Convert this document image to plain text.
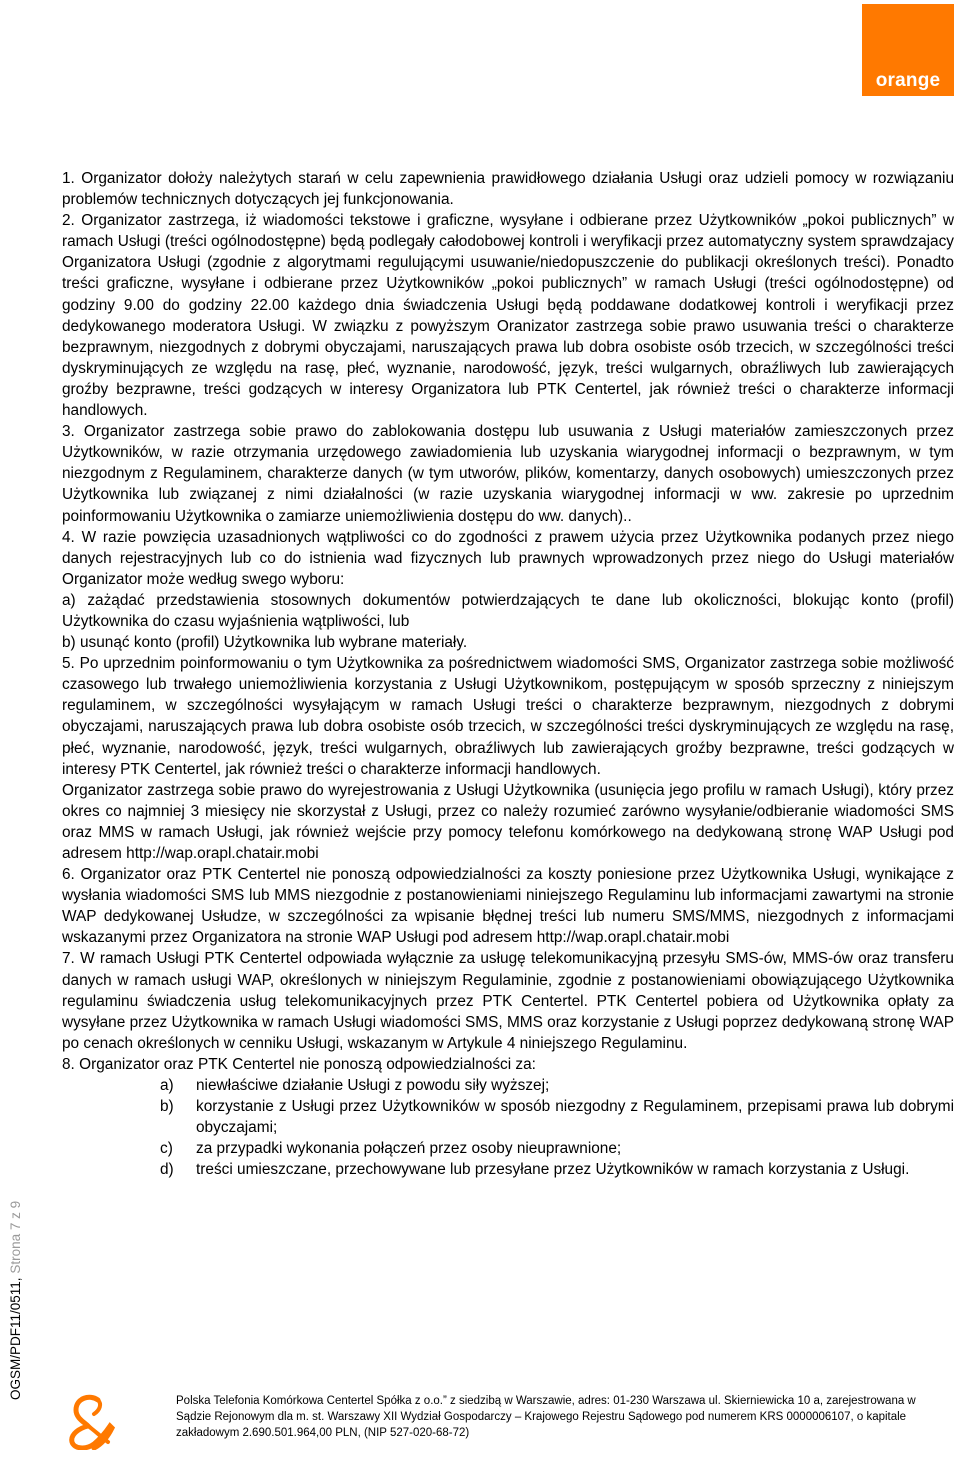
orange

1. Organizator dołoży należytych starań w celu zapewnienia prawidłowego działania Usługi oraz udzieli pomocy w rozwiązaniu problemów technicznych dotyczących jej funkcjonowania.

2. Organizator zastrzega, iż wiadomości tekstowe i graficzne, wysyłane i odbierane przez Użytkowników „pokoi publicznych” w ramach Usługi (treści ogólnodostępne) będą podlegały całodobowej kontroli i weryfikacji przez automatyczny system sprawdzajacy Organizatora Usługi (zgodnie z algorytmami regulującymi usuwanie/niedopuszczenie do publikacji określonych treści). Ponadto treści graficzne, wysyłane i odbierane przez Użytkowników „pokoi publicznych” w ramach Usługi (treści ogólnodostępne) od godziny 9.00 do godziny 22.00 każdego dnia świadczenia Usługi będą poddawane dodatkowej kontroli i weryfikacji przez dedykowanego moderatora Usługi. W związku z powyższym Oranizator zastrzega sobie prawo usuwania treści o charakterze bezprawnym, niezgodnych z dobrymi obyczajami, naruszających prawa lub dobra osobiste osób trzecich, w szczególności treści dyskryminujących ze względu na rasę, płeć, wyznanie, narodowość, język, treści wulgarnych, obraźliwych lub zawierających groźby bezprawne, treści godzących w interesy Organizatora lub PTK Centertel, jak również treści o charakterze informacji handlowych.

3. Organizator zastrzega sobie prawo do zablokowania dostępu lub usuwania z Usługi materiałów zamieszczonych przez Użytkowników, w razie otrzymania urzędowego zawiadomienia lub uzyskania wiarygodnej informacji o bezprawnym, w tym niezgodnym z Regulaminem, charakterze danych (w tym utworów, plików, komentarzy, danych osobowych) umieszczonych przez Użytkownika lub związanej z nimi działalności (w razie uzyskania wiarygodnej informacji w ww. zakresie po uprzednim poinformowaniu Użytkownika o zamiarze uniemożliwienia dostępu do ww. danych)..

4. W razie powzięcia uzasadnionych wątpliwości co do zgodności z prawem użycia przez Użytkownika podanych przez niego danych rejestracyjnych lub co do istnienia wad fizycznych lub prawnych wprowadzonych przez niego do Usługi materiałów Organizator może według swego wyboru:

a) zażądać przedstawienia stosownych dokumentów potwierdzających te dane lub okoliczności, blokując konto (profil) Użytkownika do czasu wyjaśnienia wątpliwości, lub

b) usunąć konto (profil) Użytkownika lub wybrane materiały.

5. Po uprzednim poinformowaniu o tym Użytkownika za pośrednictwem wiadomości SMS, Organizator zastrzega sobie możliwość czasowego lub trwałego uniemożliwienia korzystania z Usługi Użytkownikom, postępującym w sposób sprzeczny z niniejszym regulaminem, w szczególności wysyłającym w ramach Usługi treści o charakterze bezprawnym, niezgodnych z dobrymi obyczajami, naruszających prawa lub dobra osobiste osób trzecich, w szczególności treści dyskryminujących ze względu na rasę, płeć, wyznanie, narodowość, język, treści wulgarnych, obraźliwych lub zawierających groźby bezprawne, treści godzących w interesy PTK Centertel, jak również treści o charakterze informacji handlowych.

Organizator zastrzega sobie prawo do wyrejestrowania z Usługi Użytkownika (usunięcia jego profilu w ramach Usługi), który przez okres co najmniej 3 miesięcy nie skorzystał z Usługi, przez co należy rozumieć zarówno wysyłanie/odbieranie wiadomości SMS oraz MMS w ramach Usługi, jak również wejście przy pomocy telefonu komórkowego na dedykowaną stronę WAP Usługi pod adresem http://wap.orapl.chatair.mobi

6. Organizator oraz PTK Centertel nie ponoszą odpowiedzialności za koszty poniesione przez Użytkownika Usługi, wynikające z wysłania wiadomości SMS lub MMS niezgodnie z postanowieniami niniejszego Regulaminu lub informacjami zawartymi na stronie WAP dedykowanej Usłudze, w szczególności za wpisanie błędnej treści lub numeru SMS/MMS, niezgodnych z informacjami wskazanymi przez Organizatora na stronie WAP Usługi pod adresem http://wap.orapl.chatair.mobi

7. W ramach Usługi PTK Centertel odpowiada wyłącznie za usługę telekomunikacyjną przesyłu SMS-ów, MMS-ów oraz transferu danych w ramach usługi WAP, określonych w niniejszym Regulaminie, zgodnie z postanowieniami obowiązującego Użytkownika regulaminu świadczenia usług telekomunikacyjnych przez PTK Centertel. PTK Centertel pobiera od Użytkownika opłaty za wysyłane przez Użytkownika w ramach Usługi wiadomości SMS, MMS oraz korzystanie z Usługi poprzez dedykowaną stronę WAP po cenach określonych w cenniku Usługi, wskazanym w Artykule 4 niniejszego Regulaminu.

8. Organizator oraz PTK Centertel nie ponoszą odpowiedzialności za:

a)	niewłaściwe działanie Usługi z powodu siły wyższej;
b)	korzystanie z Usługi przez Użytkowników w sposób niezgodny z Regulaminem, przepisami prawa lub dobrymi obyczajami;
c)	za przypadki wykonania połączeń przez osoby nieuprawnione;
d)	treści umieszczane, przechowywane lub przesyłane przez Użytkowników w ramach korzystania z Usługi.
OGSM/PDF11/0511, Strona 7 z 9
Polska Telefonia Komórkowa Centertel Spółka z o.o.” z siedzibą w Warszawie, adres: 01-230 Warszawa ul. Skierniewicka 10 a, zarejestrowana w
Sądzie Rejonowym dla m. st. Warszawy XII Wydział Gospodarczy – Krajowego Rejestru Sądowego pod numerem KRS 0000006107, o kapitale
zakładowym 2.690.501.964,00 PLN, (NIP 527-020-68-72)
